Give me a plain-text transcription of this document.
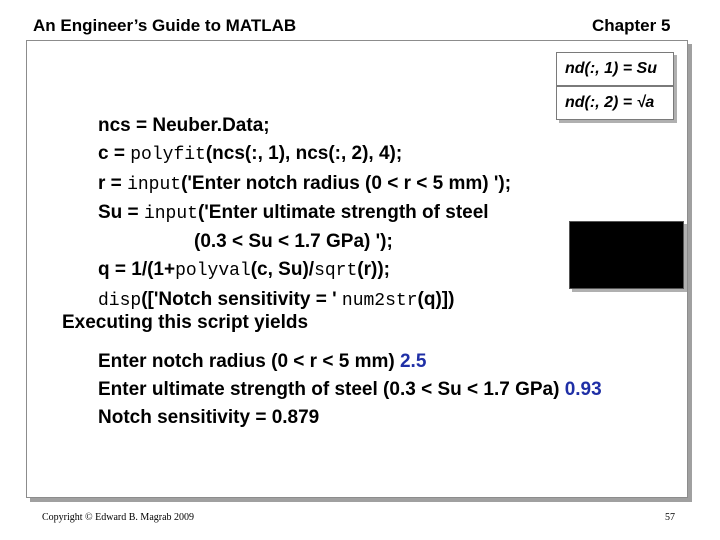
An Engineer’s Guide to MATLAB	Chapter 5
nd(:, 1) = Su
nd(:, 2) = √a
ncs = Neuber.Data;
c = polyfit(ncs(:, 1), ncs(:, 2), 4);
r = input('Enter notch radius (0 < r < 5 mm) ');
Su = input('Enter ultimate strength of steel
(0.3 < Su < 1.7 GPa) ');
q = 1/(1+polyval(c, Su)/sqrt(r));
disp(['Notch sensitivity = ' num2str(q)])
Executing this script yields
Enter notch radius (0 < r < 5 mm) 2.5
Enter ultimate strength of steel (0.3 < Su < 1.7 GPa) 0.93
Notch sensitivity = 0.879
Copyright © Edward B. Magrab 2009	57
